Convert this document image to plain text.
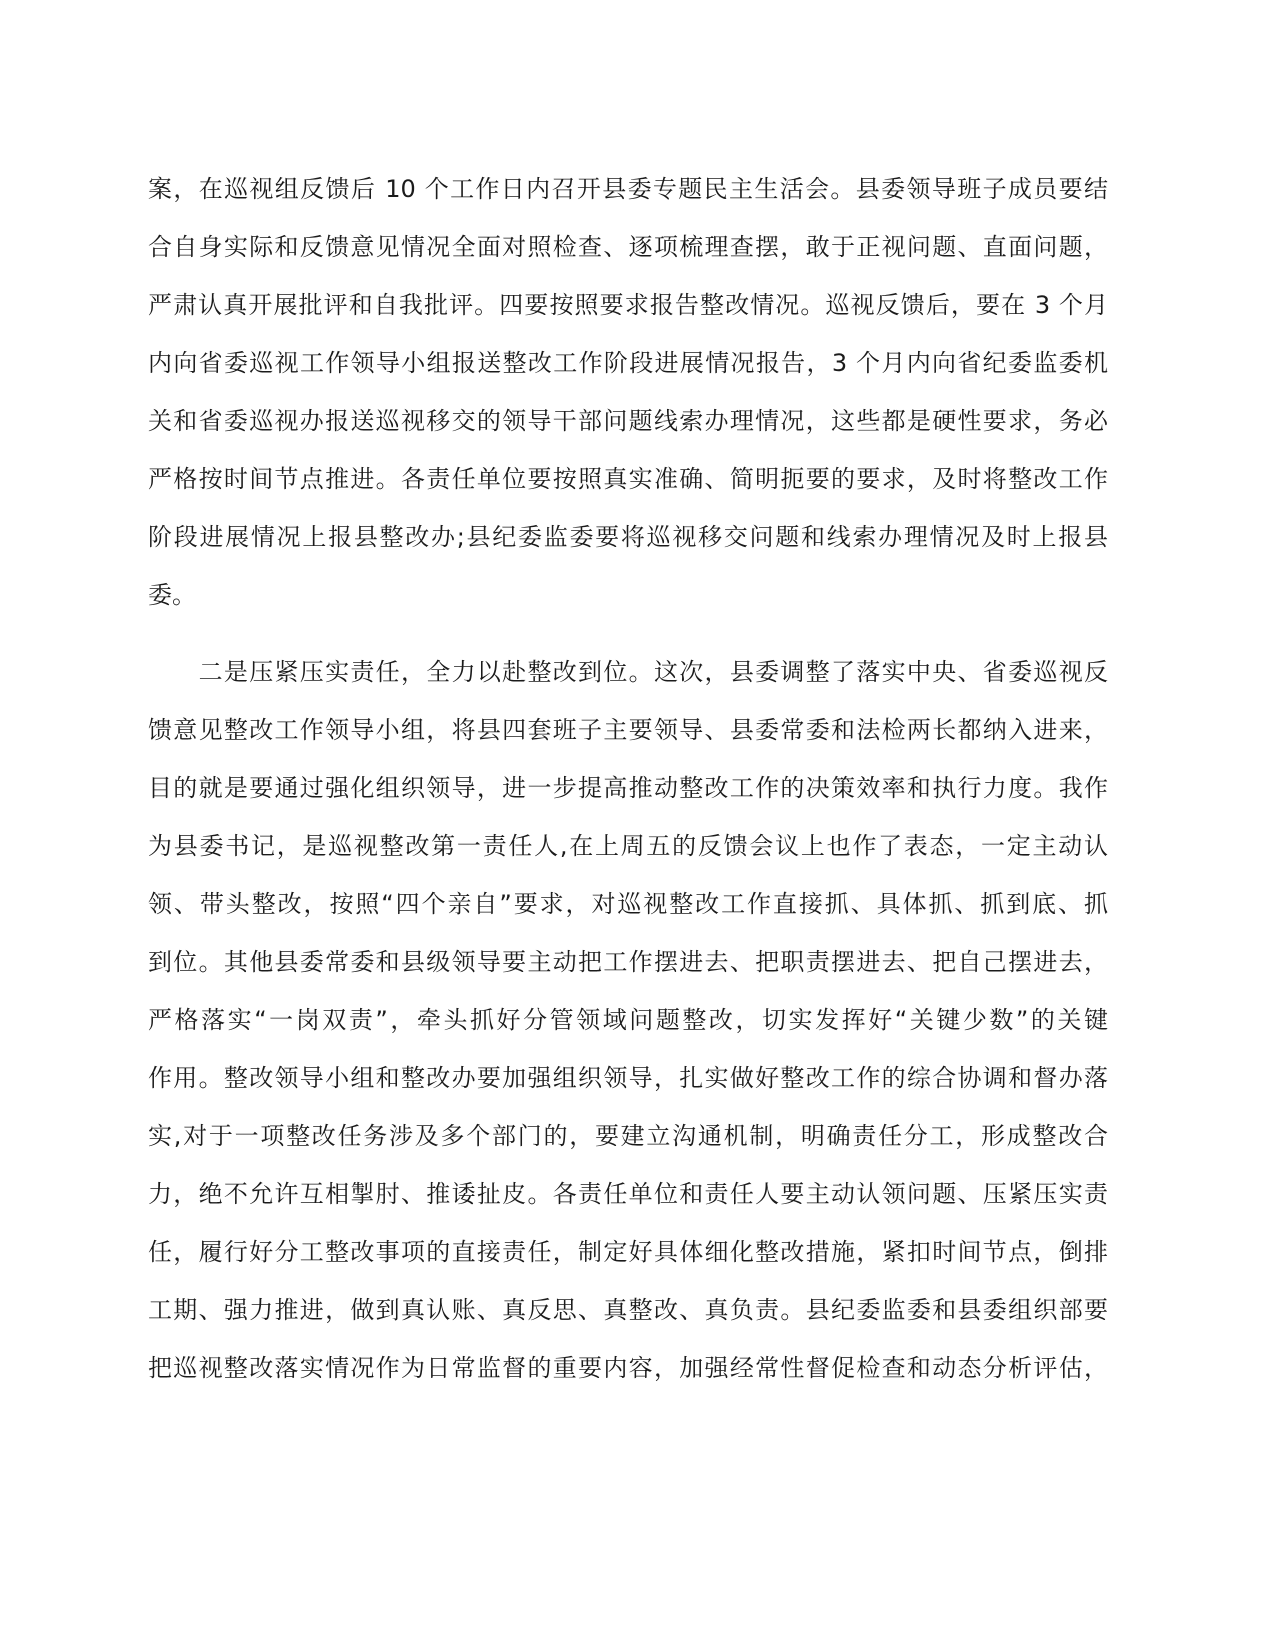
案，在巡视组反馈后 10 个工作日内召开县委专题民主生活会。县委领导班子成员要结
合自身实际和反馈意见情况全面对照检查、逐项梳理查摆，敢于正视问题、直面问题，
严肃认真开展批评和自我批评。四要按照要求报告整改情况。巡视反馈后，要在 3 个月
内向省委巡视工作领导小组报送整改工作阶段进展情况报告，3 个月内向省纪委监委机
关和省委巡视办报送巡视移交的领导干部问题线索办理情况，这些都是硬性要求，务必
严格按时间节点推进。各责任单位要按照真实准确、简明扼要的要求，及时将整改工作
阶段进展情况上报县整改办;县纪委监委要将巡视移交问题和线索办理情况及时上报县
委。
　　二是压紧压实责任，全力以赴整改到位。这次，县委调整了落实中央、省委巡视反
馈意见整改工作领导小组，将县四套班子主要领导、县委常委和法检两长都纳入进来，
目的就是要通过强化组织领导，进一步提高推动整改工作的决策效率和执行力度。我作
为县委书记，是巡视整改第一责任人,在上周五的反馈会议上也作了表态，一定主动认
领、带头整改，按照“四个亲自”要求，对巡视整改工作直接抓、具体抓、抓到底、抓
到位。其他县委常委和县级领导要主动把工作摆进去、把职责摆进去、把自己摆进去，
严格落实“一岗双责”，牵头抓好分管领域问题整改，切实发挥好“关键少数”的关键
作用。整改领导小组和整改办要加强组织领导，扎实做好整改工作的综合协调和督办落
实,对于一项整改任务涉及多个部门的，要建立沟通机制，明确责任分工，形成整改合
力，绝不允许互相掣肘、推诿扯皮。各责任单位和责任人要主动认领问题、压紧压实责
任，履行好分工整改事项的直接责任，制定好具体细化整改措施，紧扣时间节点，倒排
工期、强力推进，做到真认账、真反思、真整改、真负责。县纪委监委和县委组织部要
把巡视整改落实情况作为日常监督的重要内容，加强经常性督促检查和动态分析评估，
